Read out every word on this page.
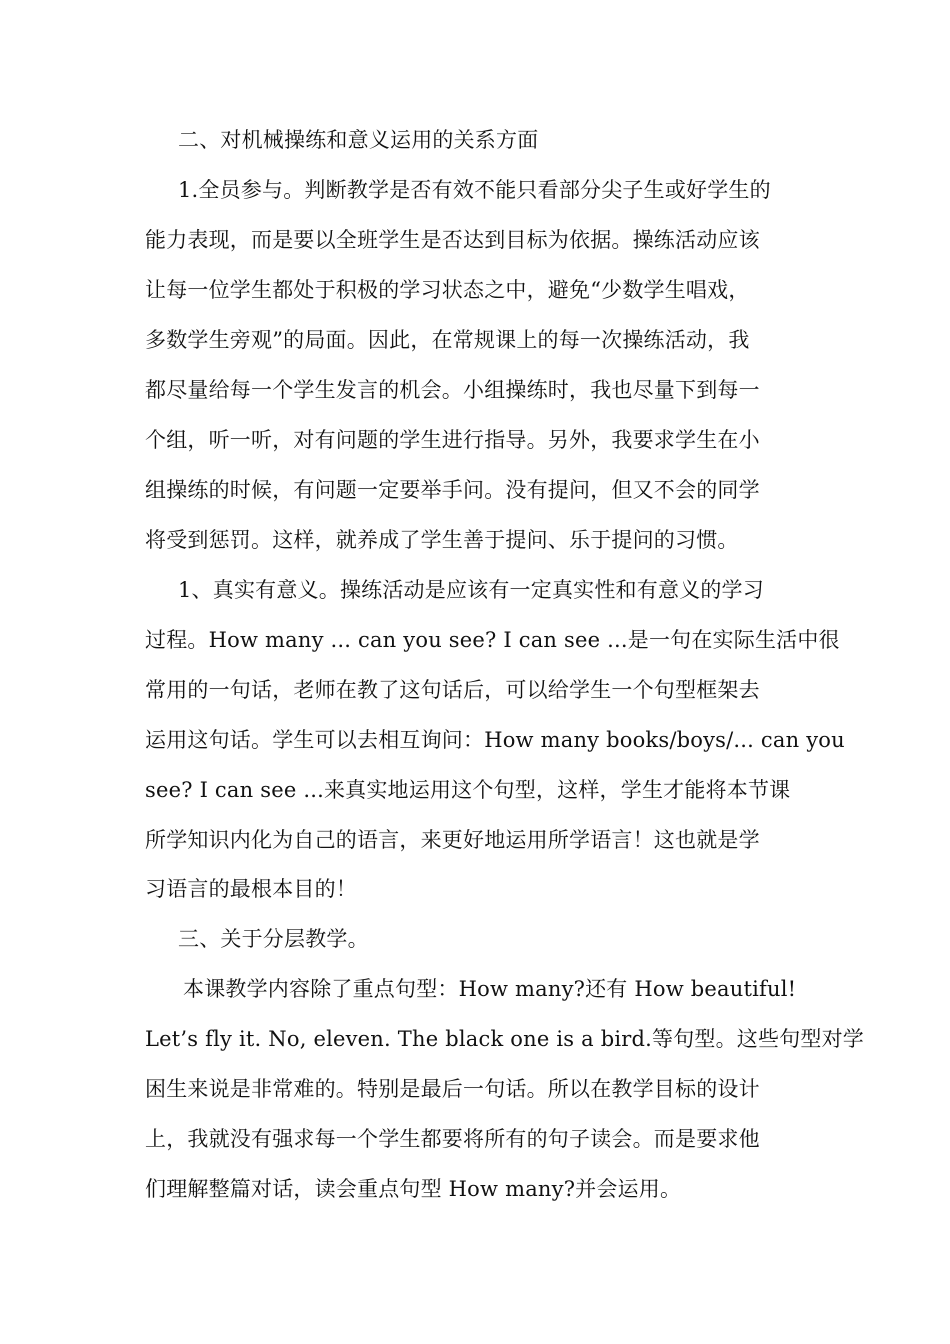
二、对机械操练和意义运用的关系方面
1.全员参与。判断教学是否有效不能只看部分尖子生或好学生的
能力表现，而是要以全班学生是否达到目标为依据。操练活动应该
让每一位学生都处于积极的学习状态之中，避免“少数学生唱戏，
多数学生旁观”的局面。因此，在常规课上的每一次操练活动，我
都尽量给每一个学生发言的机会。小组操练时，我也尽量下到每一
个组，听一听，对有问题的学生进行指导。另外，我要求学生在小
组操练的时候，有问题一定要举手问。没有提问，但又不会的同学
将受到惩罚。这样，就养成了学生善于提问、乐于提问的习惯。
1、真实有意义。操练活动是应该有一定真实性和有意义的学习
过程。How many ... can you see? I can see ...是一句在实际生活中很
常用的一句话，老师在教了这句话后，可以给学生一个句型框架去
运用这句话。学生可以去相互询问：How many books/boys/... can you
see? I can see ...来真实地运用这个句型，这样，学生才能将本节课
所学知识内化为自己的语言，来更好地运用所学语言！这也就是学
习语言的最根本目的！
三、关于分层教学。
本课教学内容除了重点句型：How many?还有 How beautiful!
Let’s fly it. No, eleven. The black one is a bird.等句型。这些句型对学
困生来说是非常难的。特别是最后一句话。所以在教学目标的设计
上，我就没有强求每一个学生都要将所有的句子读会。而是要求他
们理解整篇对话，读会重点句型 How many?并会运用。
